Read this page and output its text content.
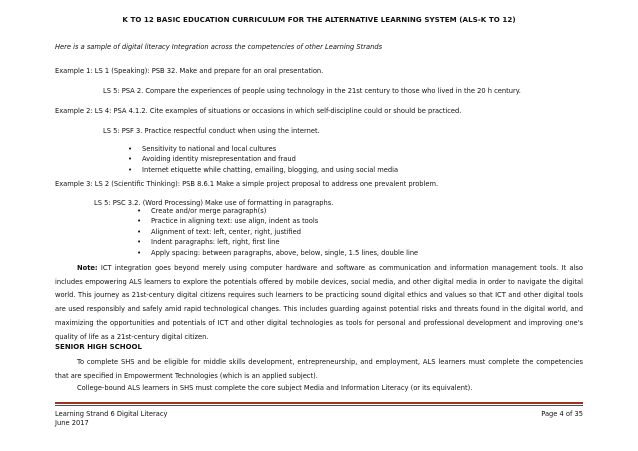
K TO 12 BASIC EDUCATION CURRICULUM FOR THE ALTERNATIVE LEARNING SYSTEM (ALS-K TO 12)
Here is a sample of digital literacy Integration across the competencies of other Learning Strands
Example 1: LS 1 (Speaking): PSB 32. Make and prepare for an oral presentation.
LS 5: PSA 2. Compare the experiences of people using technology in the 21st century to those who lived in the 20 h century.
Example 2: LS 4: PSA 4.1.2. Cite examples of situations or occasions in which self-discipline could or should be practiced.
LS 5: PSF 3. Practice respectful conduct when using the internet.
• Sensitivity to national and local cultures
• Avoiding identity misrepresentation and fraud
• Internet etiquette while chatting, emailing, blogging, and using social media
Example 3: LS 2 (Scientific Thinking): PSB 8.6.1 Make a simple project proposal to address one prevalent problem.
LS 5: PSC 3.2. (Word Processing) Make use of formatting in paragraphs.
• Create and/or merge paragraph(s)
• Practice in aligning text: use align, indent as tools
• Alignment of text: left, center, right, justified
• Indent paragraphs: left, right, first line
• Apply spacing: between paragraphs, above, below, single, 1.5 lines, double line
Note: ICT integration goes beyond merely using computer hardware and software as communication and information management tools. It also includes empowering ALS learners to explore the potentials offered by mobile devices, social media, and other digital media in order to navigate the digital world. This journey as 21st-century digital citizens requires such learners to be practicing sound digital ethics and values so that ICT and other digital tools are used responsibly and safely amid rapid technological changes. This includes guarding against potential risks and threats found in the digital world, and maximizing the opportunities and potentials of ICT and other digital technologies as tools for personal and professional development and improving one's quality of life as a 21st-century digital citizen.
SENIOR HIGH SCHOOL
To complete SHS and be eligible for middle skills development, entrepreneurship, and employment, ALS learners must complete the competencies that are specified in Empowerment Technologies (which is an applied subject).
College-bound ALS learners in SHS must complete the core subject Media and Information Literacy (or its equivalent).
Learning Strand 6 Digital Literacy
June 2017
Page 4 of 35
